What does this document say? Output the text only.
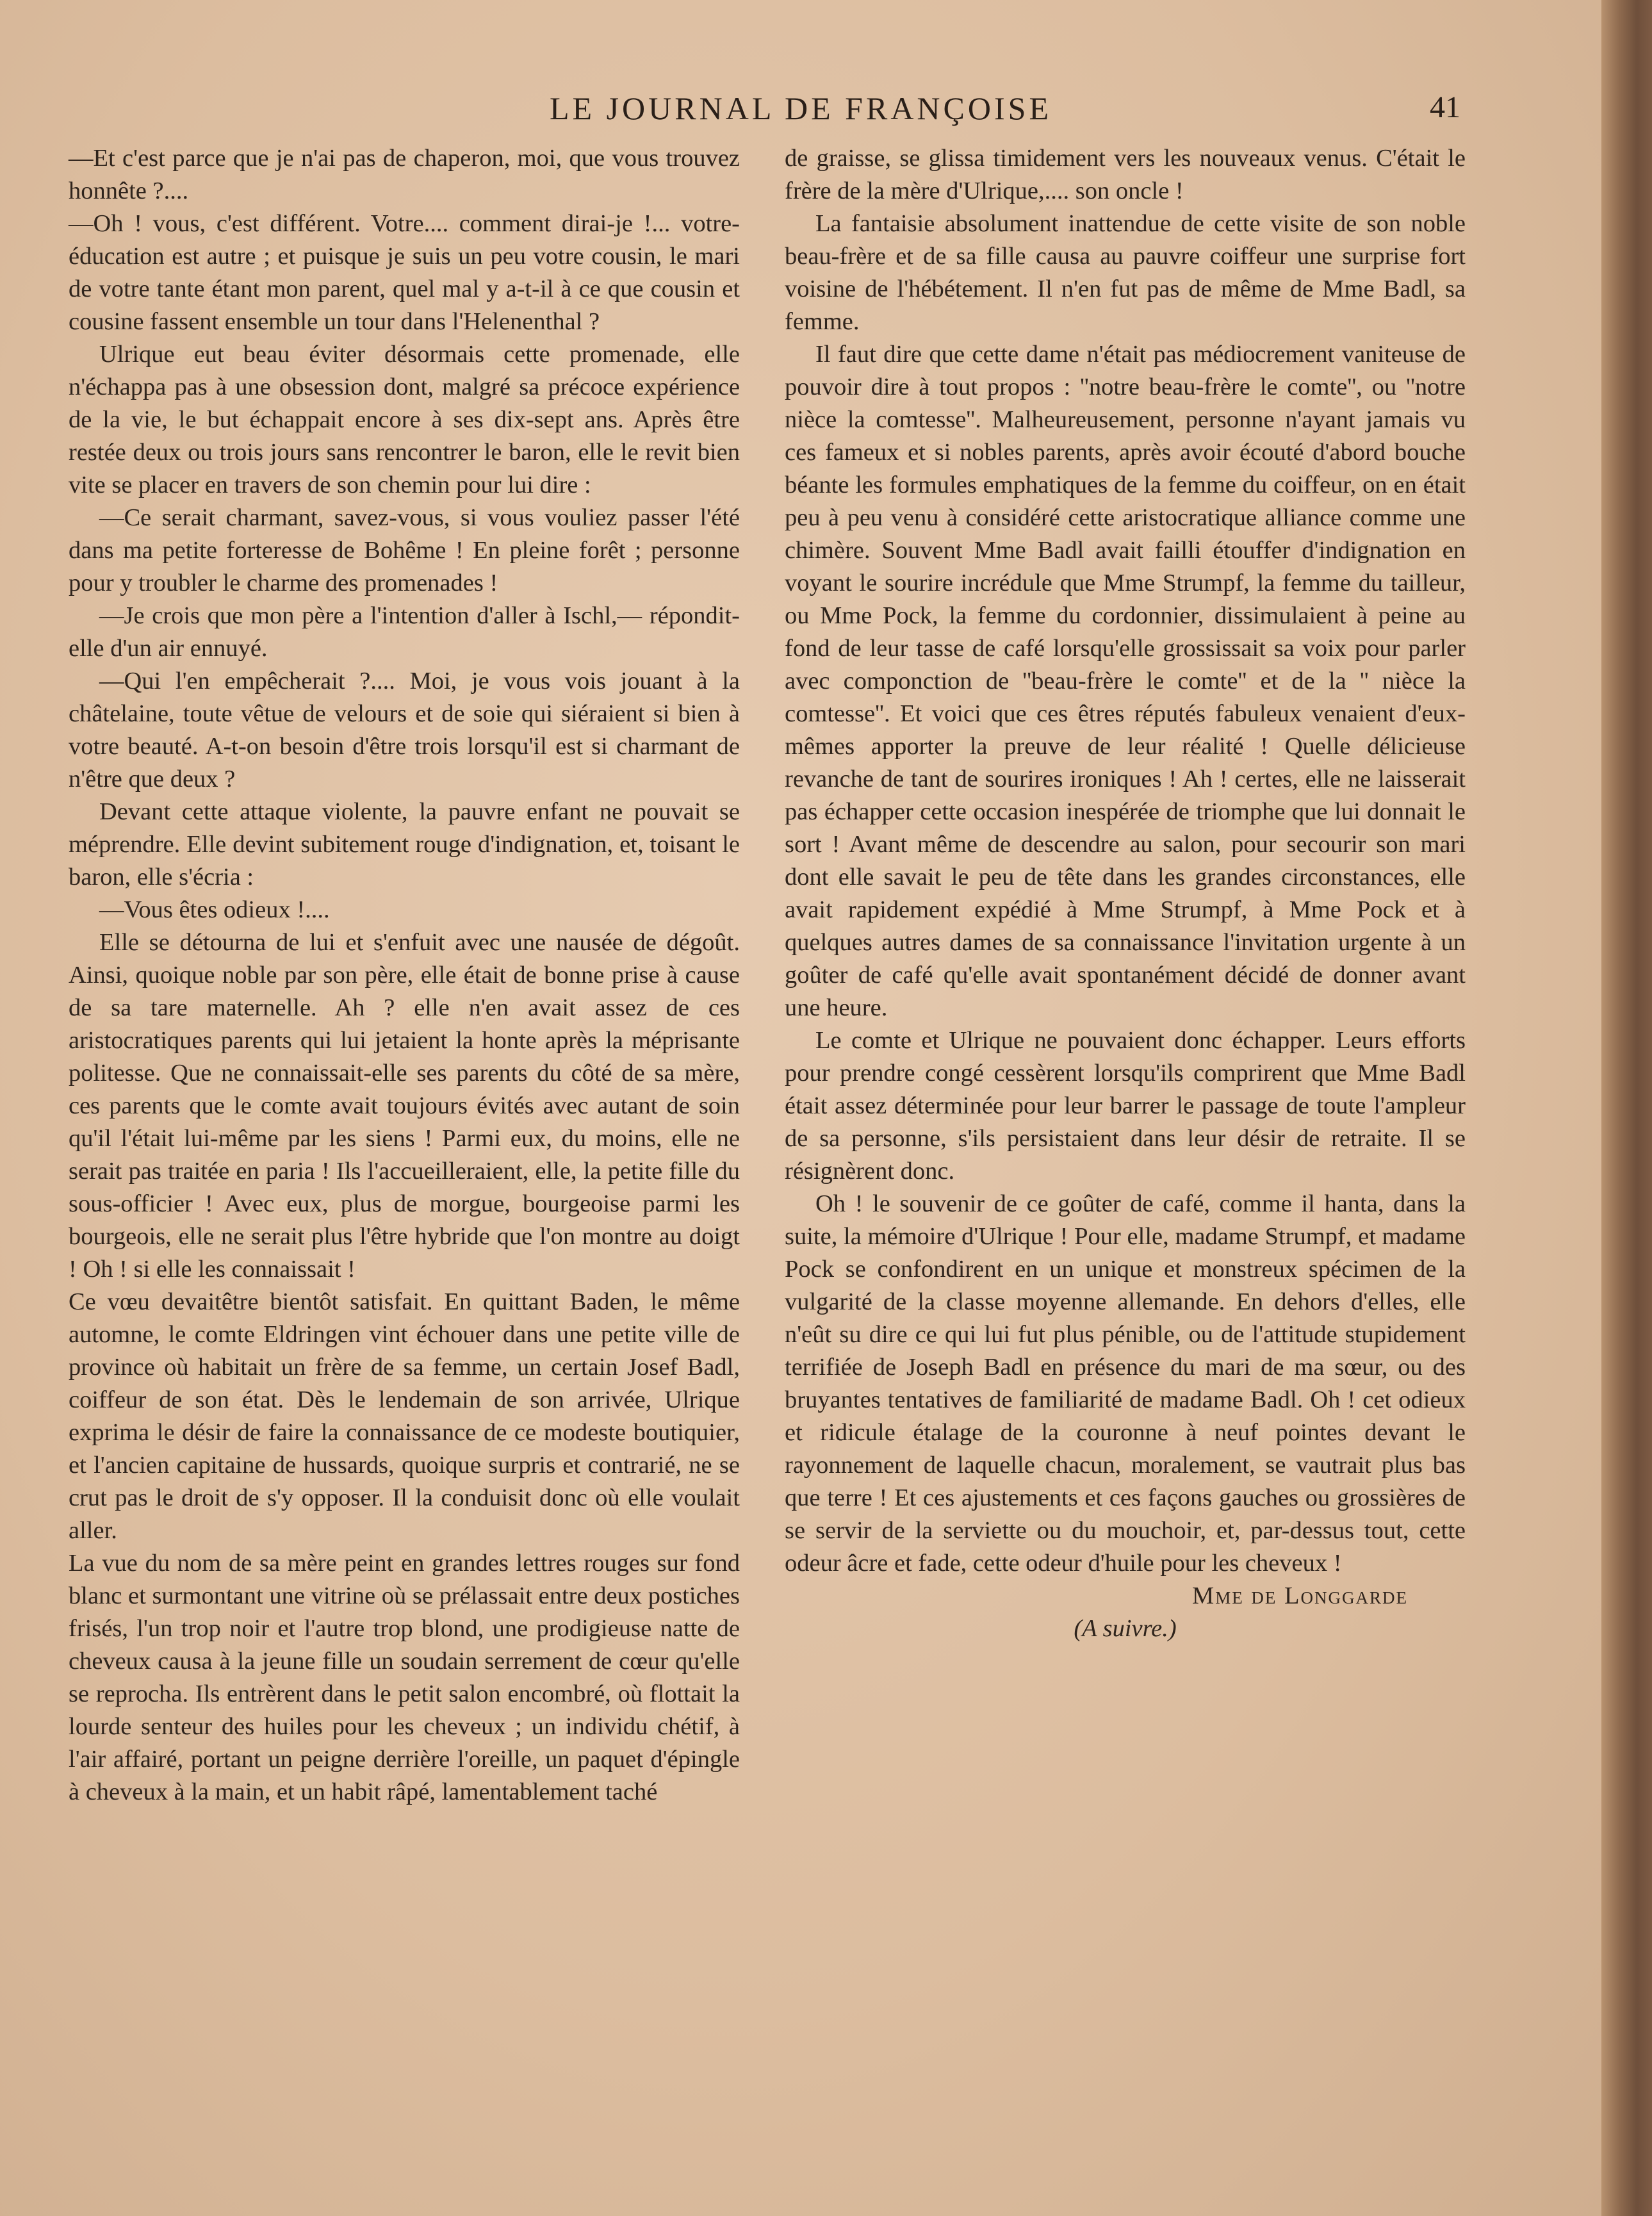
LE JOURNAL DE FRANÇOISE	41

—Et c'est parce que je n'ai pas de chaperon, moi, que vous trouvez honnête ?....

—Oh ! vous, c'est différent. Votre.... comment dirai-je !... votre-éducation est autre ; et puisque je suis un peu votre cousin, le mari de votre tante étant mon parent, quel mal y a-t-il à ce que cousin et cousine fassent ensemble un tour dans l'Helenenthal ?

Ulrique eut beau éviter désormais cette promenade, elle n'échappa pas à une obsession dont, malgré sa précoce expérience de la vie, le but échappait encore à ses dix-sept ans. Après être restée deux ou trois jours sans rencontrer le baron, elle le revit bien vite se placer en travers de son chemin pour lui dire :

—Ce serait charmant, savez-vous, si vous vouliez passer l'été dans ma petite forteresse de Bohême ! En pleine forêt ; personne pour y troubler le charme des promenades !

—Je crois que mon père a l'intention d'aller à Ischl,— répondit-elle d'un air ennuyé.

—Qui l'en empêcherait ?.... Moi, je vous vois jouant à la châtelaine, toute vêtue de velours et de soie qui siéraient si bien à votre beauté. A-t-on besoin d'être trois lorsqu'il est si charmant de n'être que deux ?

Devant cette attaque violente, la pauvre enfant ne pouvait se méprendre. Elle devint subitement rouge d'indignation, et, toisant le baron, elle s'écria :

—Vous êtes odieux !....

Elle se détourna de lui et s'enfuit avec une nausée de dégoût. Ainsi, quoique noble par son père, elle était de bonne prise à cause de sa tare maternelle. Ah ? elle n'en avait assez de ces aristocratiques parents qui lui jetaient la honte après la méprisante politesse. Que ne connaissait-elle ses parents du côté de sa mère, ces parents que le comte avait toujours évités avec autant de soin qu'il l'était lui-même par les siens ! Parmi eux, du moins, elle ne serait pas traitée en paria ! Ils l'accueilleraient, elle, la petite fille du sous-officier ! Avec eux, plus de morgue, bourgeoise parmi les bourgeois, elle ne serait plus l'être hybride que l'on montre au doigt ! Oh ! si elle les connaissait !

Ce vœu devaitêtre bientôt satisfait. En quittant Baden, le même automne, le comte Eldringen vint échouer dans une petite ville de province où habitait un frère de sa femme, un certain Josef Badl, coiffeur de son état. Dès le lendemain de son arrivée, Ulrique exprima le désir de faire la connaissance de ce modeste boutiquier, et l'ancien capitaine de hussards, quoique surpris et contrarié, ne se crut pas le droit de s'y opposer. Il la conduisit donc où elle voulait aller.

La vue du nom de sa mère peint en grandes lettres rouges sur fond blanc et surmontant une vitrine où se prélassait entre deux postiches frisés, l'un trop noir et l'autre trop blond, une prodigieuse natte de cheveux causa à la jeune fille un soudain serrement de cœur qu'elle se reprocha. Ils entrèrent dans le petit salon encombré, où flottait la lourde senteur des huiles pour les cheveux ; un individu chétif, à l'air affairé, portant un peigne derrière l'oreille, un paquet d'épingle à cheveux à la main, et un habit râpé, lamentablement taché

de graisse, se glissa timidement vers les nouveaux venus. C'était le frère de la mère d'Ulrique,.... son oncle !

La fantaisie absolument inattendue de cette visite de son noble beau-frère et de sa fille causa au pauvre coiffeur une surprise fort voisine de l'hébétement. Il n'en fut pas de même de Mme Badl, sa femme.

Il faut dire que cette dame n'était pas médiocrement vaniteuse de pouvoir dire à tout propos : ''notre beau-frère le comte'', ou ''notre nièce la comtesse''. Malheureusement, personne n'ayant jamais vu ces fameux et si nobles parents, après avoir écouté d'abord bouche béante les formules emphatiques de la femme du coiffeur, on en était peu à peu venu à considéré cette aristocratique alliance comme une chimère. Souvent Mme Badl avait failli étouffer d'indignation en voyant le sourire incrédule que Mme Strumpf, la femme du tailleur, ou Mme Pock, la femme du cordonnier, dissimulaient à peine au fond de leur tasse de café lorsqu'elle grossissait sa voix pour parler avec componction de ''beau-frère le comte'' et de la '' nièce la comtesse''. Et voici que ces êtres réputés fabuleux venaient d'eux-mêmes apporter la preuve de leur réalité ! Quelle délicieuse revanche de tant de sourires ironiques ! Ah ! certes, elle ne laisserait pas échapper cette occasion inespérée de triomphe que lui donnait le sort ! Avant même de descendre au salon, pour secourir son mari dont elle savait le peu de tête dans les grandes circonstances, elle avait rapidement expédié à Mme Strumpf, à Mme Pock et à quelques autres dames de sa connaissance l'invitation urgente à un goûter de café qu'elle avait spontanément décidé de donner avant une heure.

Le comte et Ulrique ne pouvaient donc échapper. Leurs efforts pour prendre congé cessèrent lorsqu'ils comprirent que Mme Badl était assez déterminée pour leur barrer le passage de toute l'ampleur de sa personne, s'ils persistaient dans leur désir de retraite. Il se résignèrent donc.

Oh ! le souvenir de ce goûter de café, comme il hanta, dans la suite, la mémoire d'Ulrique ! Pour elle, madame Strumpf, et madame Pock se confondirent en un unique et monstreux spécimen de la vulgarité de la classe moyenne allemande. En dehors d'elles, elle n'eût su dire ce qui lui fut plus pénible, ou de l'attitude stupidement terrifiée de Joseph Badl en présence du mari de ma sœur, ou des bruyantes tentatives de familiarité de madame Badl. Oh ! cet odieux et ridicule étalage de la couronne à neuf pointes devant le rayonnement de laquelle chacun, moralement, se vautrait plus bas que terre ! Et ces ajustements et ces façons gauches ou grossières de se servir de la serviette ou du mouchoir, et, par-dessus tout, cette odeur âcre et fade, cette odeur d'huile pour les cheveux !

Mme de Longgarde

(A suivre.)
